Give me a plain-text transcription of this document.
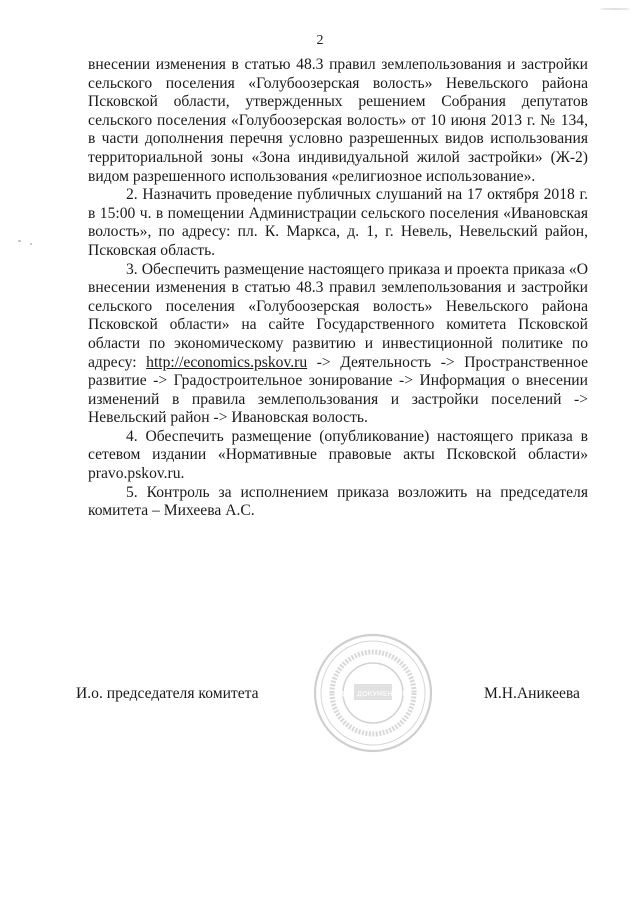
2

внесении изменения в статью 48.3 правил землепользования и застройки сельского поселения «Голубоозерская волость» Невельского района Псковской области, утвержденных решением Собрания депутатов сельского поселения «Голубоозерская волость» от 10 июня 2013 г. № 134, в части дополнения перечня условно разрешенных видов использования территориальной зоны «Зона индивидуальной жилой застройки» (Ж-2) видом разрешенного использования «религиозное использование».

2. Назначить проведение публичных слушаний на 17 октября 2018 г. в 15:00 ч. в помещении Администрации сельского поселения «Ивановская волость», по адресу: пл. К. Маркса, д. 1, г. Невель, Невельский район, Псковская область.

3. Обеспечить размещение настоящего приказа и проекта приказа «О внесении изменения в статью 48.3 правил землепользования и застройки сельского поселения «Голубоозерская волость» Невельского района Псковской области» на сайте Государственного комитета Псковской области по экономическому развитию и инвестиционной политике по адресу: http://economics.pskov.ru -> Деятельность -> Пространственное развитие -> Градостроительное зонирование -> Информация о внесении изменений в правила землепользования и застройки поселений -> Невельский район -> Ивановская волость.

4. Обеспечить размещение (опубликование) настоящего приказа в сетевом издании «Нормативные правовые акты Псковской области» pravo.pskov.ru.

5. Контроль за исполнением приказа возложить на председателя комитета – Михеева А.С.

ДЛЯ ДОКУМЕНТОВ
И.о. председателя комитета	М.Н.Аникеева
